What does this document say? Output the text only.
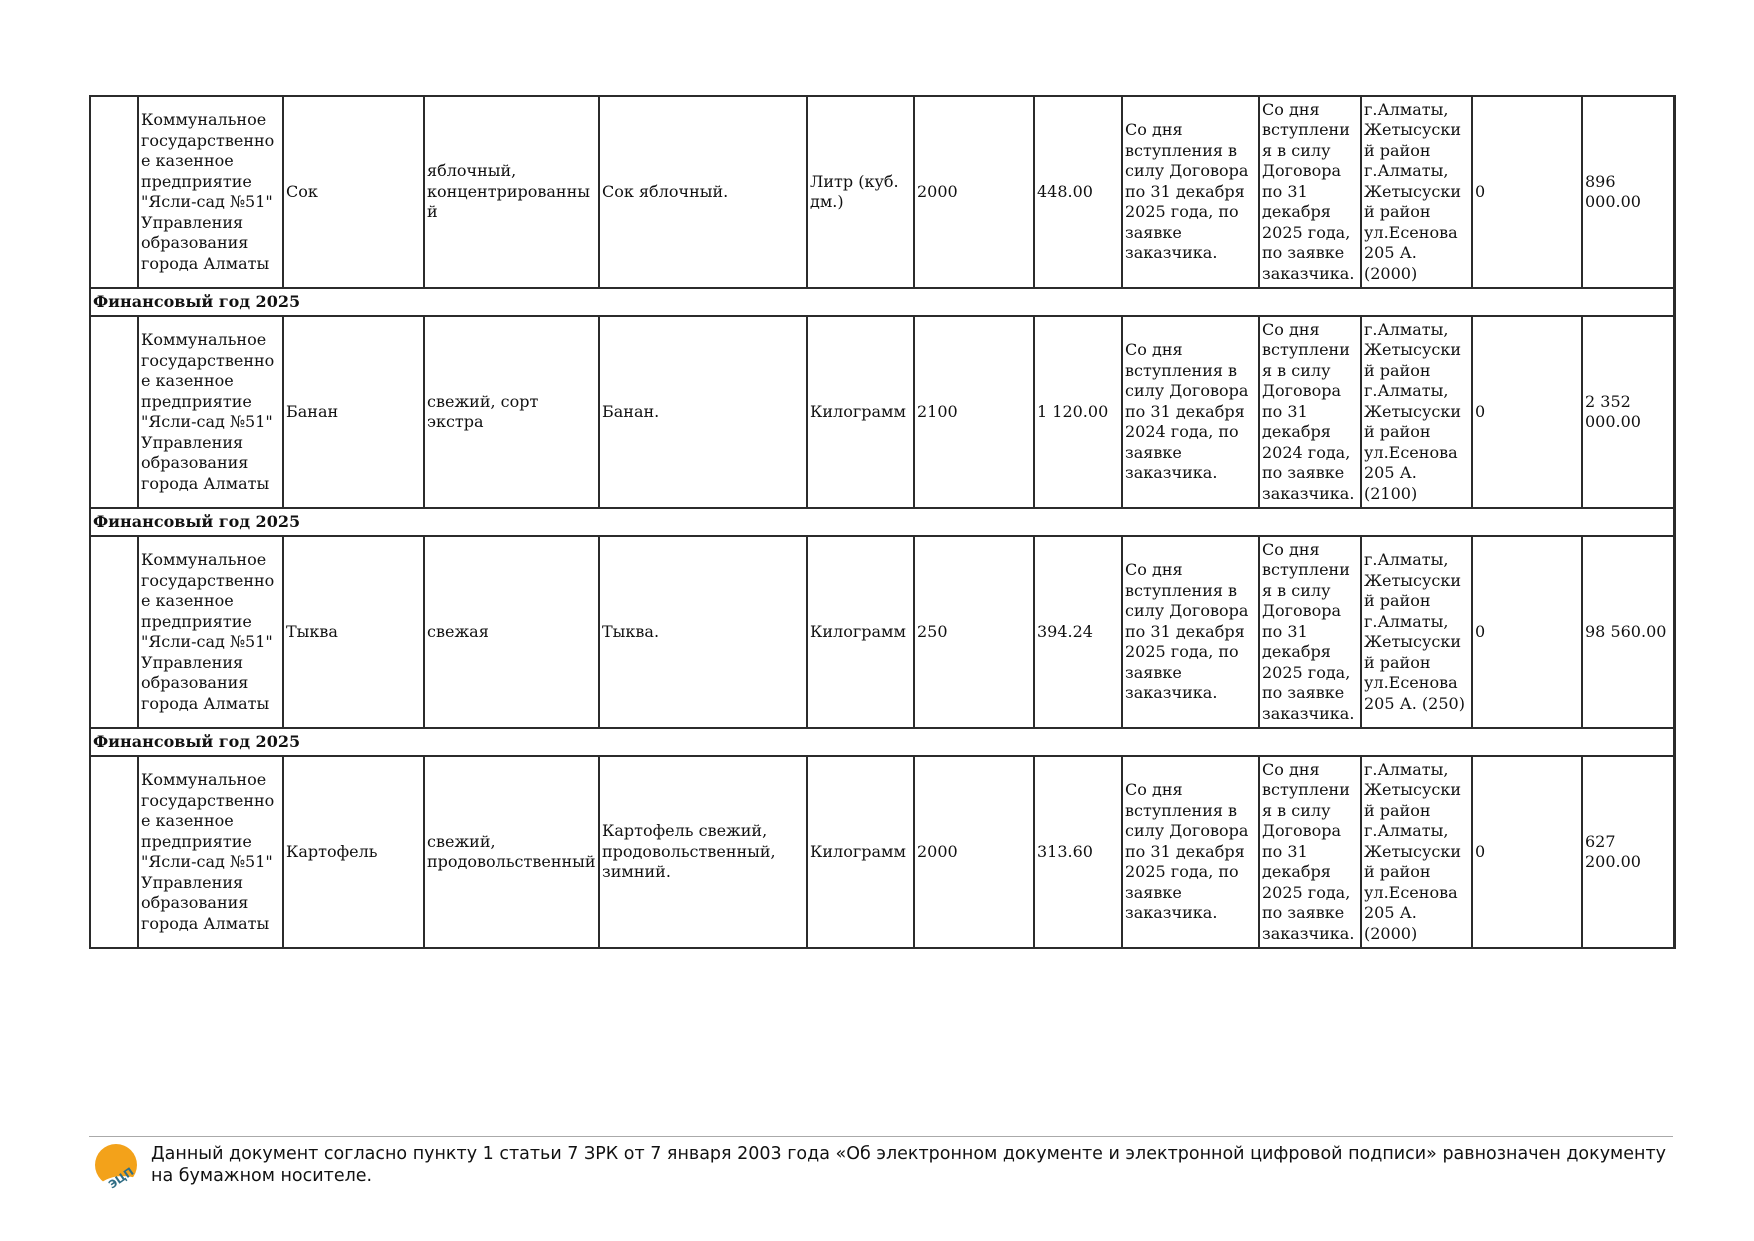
	Коммунальное государственное казенное предприятие "Ясли-сад №51" Управления образования города Алматы	Сок	яблочный, концентрированный	Сок яблочный.	Литр (куб. дм.)	2000	448.00	Со дня вступления в силу Договора по 31 декабря 2025 года, по заявке заказчика.	Со дня вступления в силу Договора по 31 декабря 2025 года, по заявке заказчика.	г.Алматы, Жетысуский район г.Алматы, Жетысуский район ул.Есенова 205 А. (2000)	0	896 000.00
Финансовый год 2025												
	Коммунальное государственное казенное предприятие "Ясли-сад №51" Управления образования города Алматы	Банан	свежий, сорт экстра	Банан.	Килограмм	2100	1 120.00	Со дня вступления в силу Договора по 31 декабря 2024 года, по заявке заказчика.	Со дня вступления в силу Договора по 31 декабря 2024 года, по заявке заказчика.	г.Алматы, Жетысуский район г.Алматы, Жетысуский район ул.Есенова 205 А. (2100)	0	2 352 000.00
Финансовый год 2025												
	Коммунальное государственное казенное предприятие "Ясли-сад №51" Управления образования города Алматы	Тыква	свежая	Тыква.	Килограмм	250	394.24	Со дня вступления в силу Договора по 31 декабря 2025 года, по заявке заказчика.	Со дня вступления в силу Договора по 31 декабря 2025 года, по заявке заказчика.	г.Алматы, Жетысуский район г.Алматы, Жетысуский район ул.Есенова 205 А. (250)	0	98 560.00
Финансовый год 2025												
	Коммунальное государственное казенное предприятие "Ясли-сад №51" Управления образования города Алматы	Картофель	свежий, продовольственный	Картофель свежий, продовольственный, зимний.	Килограмм	2000	313.60	Со дня вступления в силу Договора по 31 декабря 2025 года, по заявке заказчика.	Со дня вступления в силу Договора по 31 декабря 2025 года, по заявке заказчика.	г.Алматы, Жетысуский район г.Алматы, Жетысуский район ул.Есенова 205 А. (2000)	0	627 200.00
ЭЦП
Данный документ согласно пункту 1 статьи 7 ЗРК от 7 января 2003 года «Об электронном документе и электронной цифровой подписи» равнозначен документу на бумажном носителе.
